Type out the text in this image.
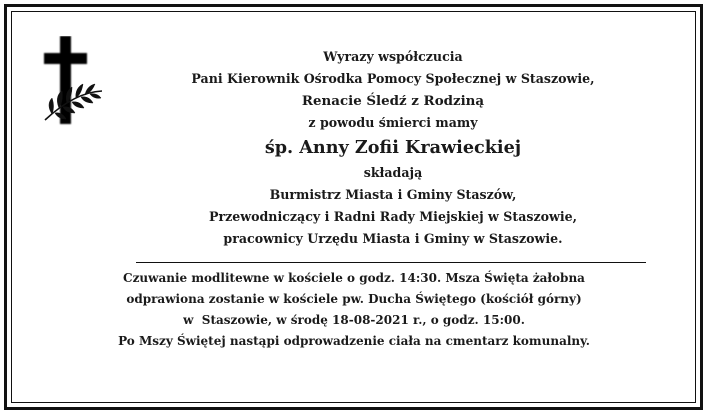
Wyrazy współczucia
Pani Kierownik Ośrodka Pomocy Społecznej w Staszowie,
Renacie Śledź z Rodziną
z powodu śmierci mamy
śp. Anny Zofii Krawieckiej
składają
Burmistrz Miasta i Gminy Staszów,
Przewodniczący i Radni Rady Miejskiej w Staszowie,
pracownicy Urzędu Miasta i Gminy w Staszowie.
Czuwanie modlitewne w kościele o godz. 14:30. Msza Święta żałobna
odprawiona zostanie w kościele pw. Ducha Świętego (kościół górny)
w  Staszowie, w środę 18-08-2021 r., o godz. 15:00.
Po Mszy Świętej nastąpi odprowadzenie ciała na cmentarz komunalny.
